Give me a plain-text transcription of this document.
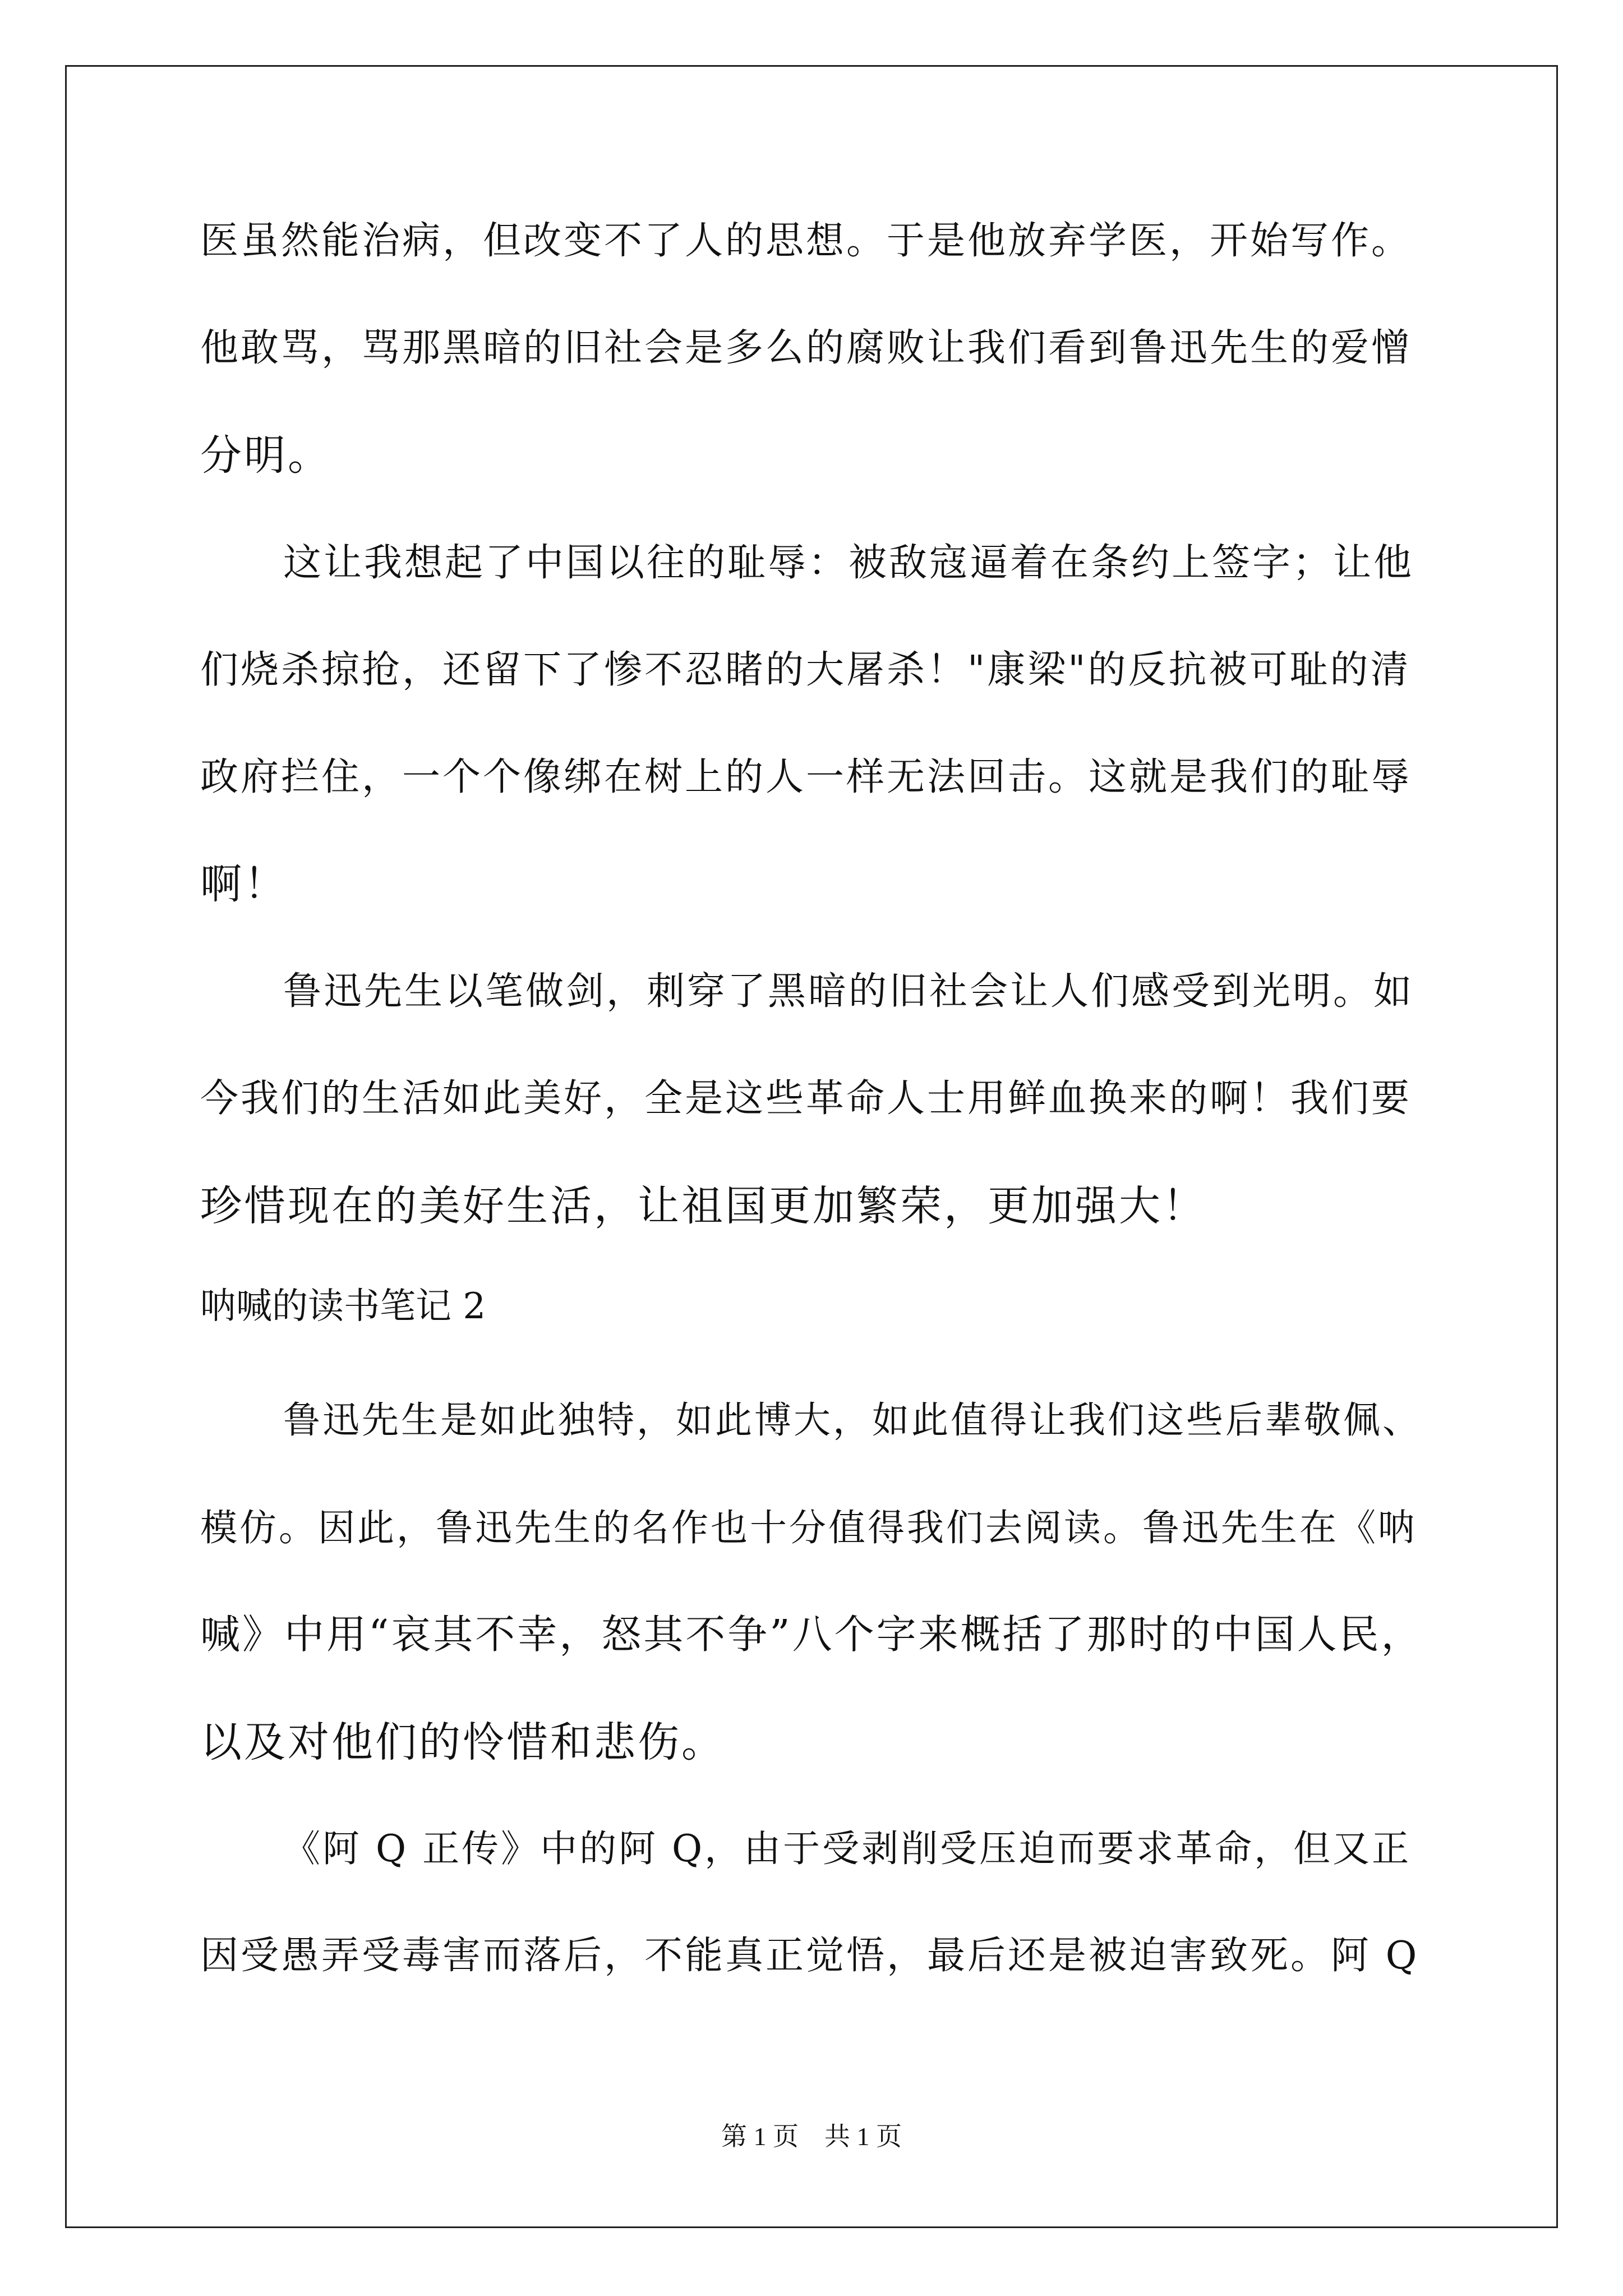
医虽然能治病，但改变不了人的思想。于是他放弃学医，开始写作。

他敢骂，骂那黑暗的旧社会是多么的腐败让我们看到鲁迅先生的爱憎

分明。

这让我想起了中国以往的耻辱：被敌寇逼着在条约上签字；让他

们烧杀掠抢，还留下了惨不忍睹的大屠杀！"康梁"的反抗被可耻的清

政府拦住，一个个像绑在树上的人一样无法回击。这就是我们的耻辱

啊！

鲁迅先生以笔做剑，刺穿了黑暗的旧社会让人们感受到光明。如

今我们的生活如此美好，全是这些革命人士用鲜血换来的啊！我们要

珍惜现在的美好生活，让祖国更加繁荣，更加强大！

呐喊的读书笔记 2

鲁迅先生是如此独特，如此博大，如此值得让我们这些后辈敬佩、

模仿。因此，鲁迅先生的名作也十分值得我们去阅读。鲁迅先生在《呐

喊》中用“哀其不幸，怒其不争”八个字来概括了那时的中国人民，

以及对他们的怜惜和悲伤。

《阿 Q 正传》中的阿 Q，由于受剥削受压迫而要求革命，但又正

因受愚弄受毒害而落后，不能真正觉悟，最后还是被迫害致死。阿 Q

第 1 页　共 1 页
